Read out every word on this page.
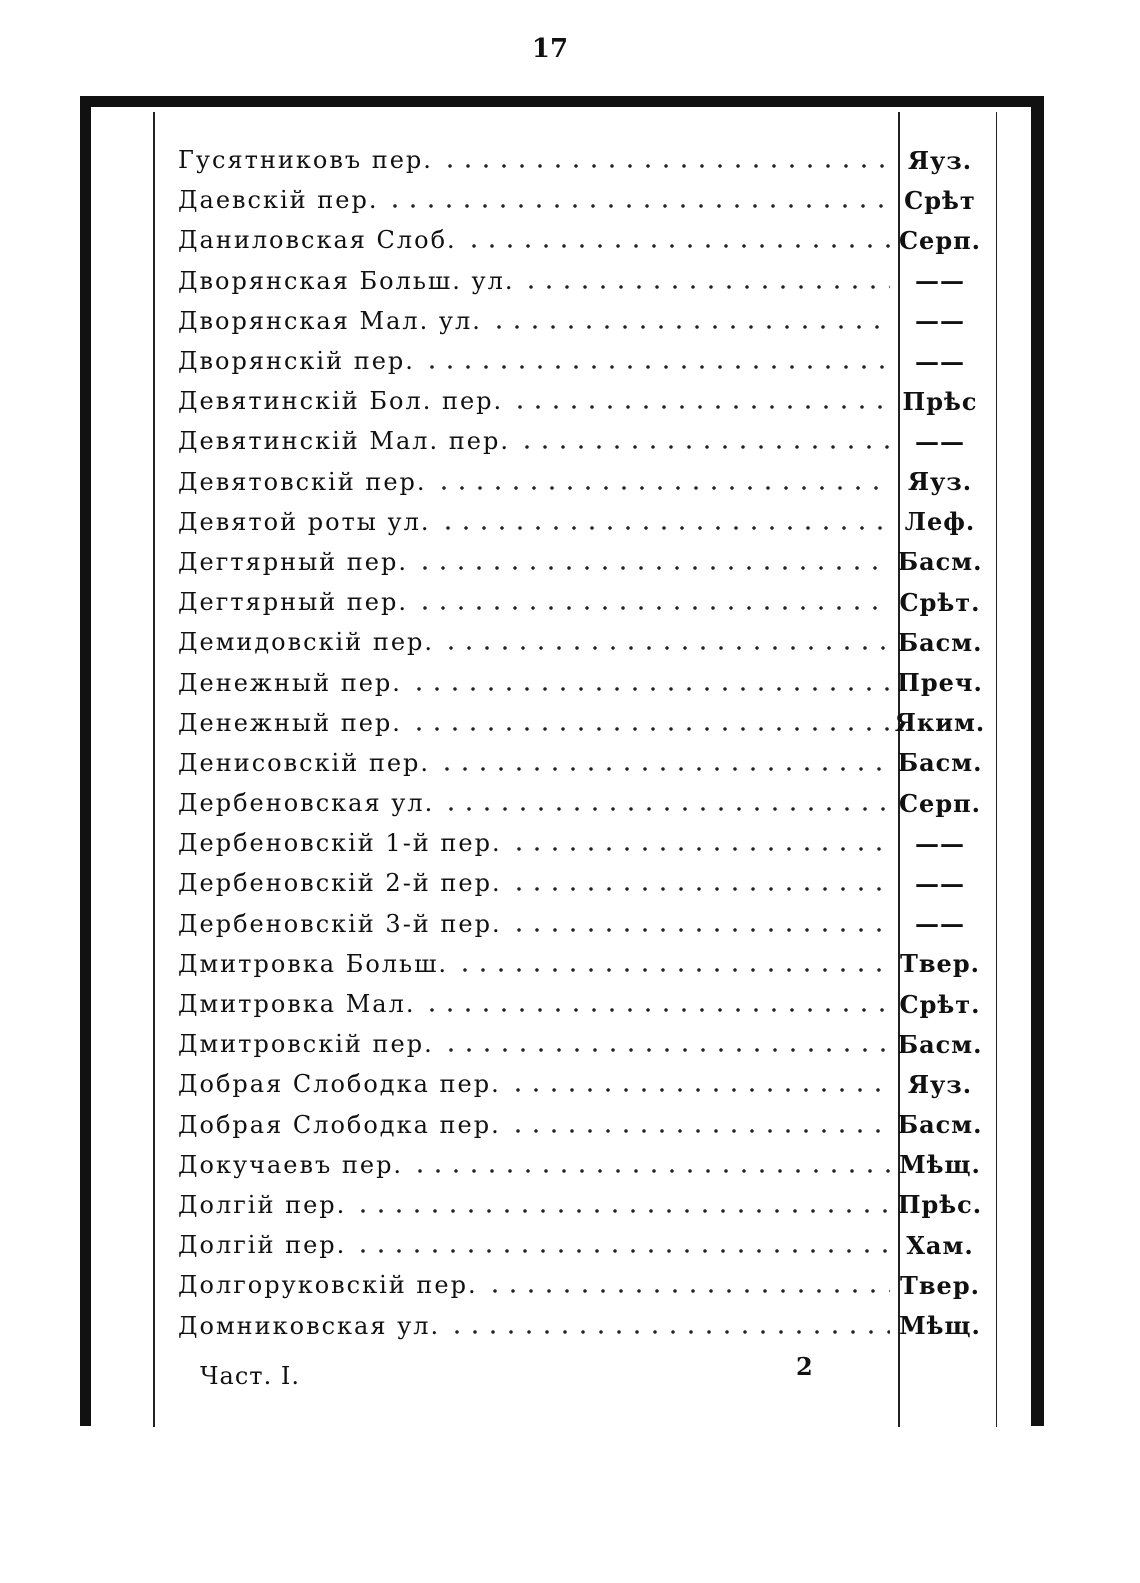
17
Гусятниковъ пер.	Яуз.
Даевскій пер.	Срѣт
Даниловская Слоб.	Серп.
Дворянская Больш. ул.	——
Дворянская Мал. ул.	——
Дворянскій пер.	——
Девятинскій Бол. пер.	Прѣс
Девятинскій Мал. пер.	——
Девятовскій пер.	Яуз.
Девятой роты ул.	Леф.
Дегтярный пер.	Басм.
Дегтярный пер.	Срѣт.
Демидовскій пер.	Басм.
Денежный пер.	Преч.
Денежный пер.	Яким.
Денисовскій пер.	Басм.
Дербеновская ул.	Серп.
Дербеновскій 1-й пер.	——
Дербеновскій 2-й пер.	——
Дербеновскій 3-й пер.	——
Дмитровка Больш.	Твер.
Дмитровка Мал.	Срѣт.
Дмитровскій пер.	Басм.
Добрая Слободка пер.	Яуз.
Добрая Слободка пер.	Басм.
Докучаевъ пер.	Мѣщ.
Долгій пер.	Прѣс.
Долгій пер.	Хам.
Долгоруковскій пер.	Твер.
Домниковская ул.	Мѣщ.
Част. I.	2
